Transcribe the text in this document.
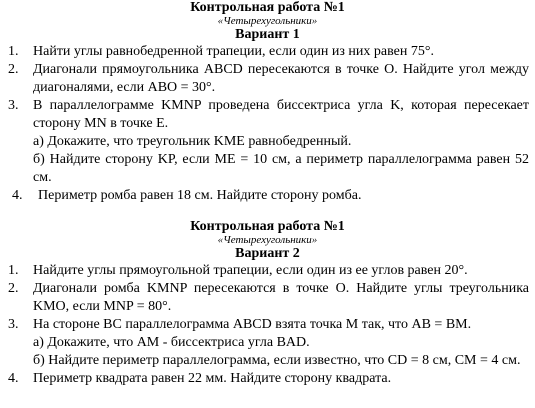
Контрольная работа №1
«Четырехугольники»
Вариант 1
1. Найти углы равнобедренной трапеции, если один из них равен 75°.
2. Диагонали прямоугольника ABCD пересекаются в точке О. Найдите угол между диагоналями, если ABO = 30°.
3. В параллелограмме KMNP проведена биссектриса угла K, которая пересекает сторону MN в точке E.
а) Докажите, что треугольник KME равнобедренный.
б) Найдите сторону KP, если ME = 10 см, а периметр параллелограмма равен 52 см.
4. Периметр ромба равен 18 см. Найдите сторону ромба.
Контрольная работа №1
«Четырехугольники»
Вариант 2
1. Найдите углы прямоугольной трапеции, если один из ее углов равен 20°.
2. Диагонали ромба KMNP пересекаются в точке О. Найдите углы треугольника KMO, если MNP = 80°.
3. На стороне BC параллелограмма ABCD взята точка M так, что AB = BM.
а) Докажите, что AM - биссектриса угла BAD.
б) Найдите периметр параллелограмма, если известно, что CD = 8 см, CM = 4 см.
4. Периметр квадрата равен 22 мм. Найдите сторону квадрата.
